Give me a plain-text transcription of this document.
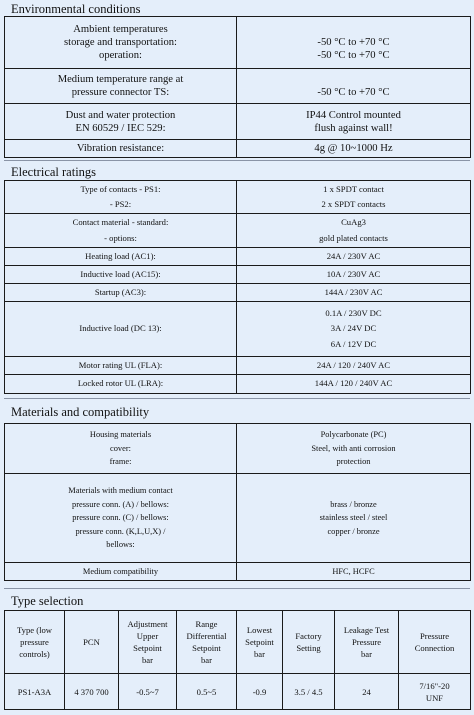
Environmental conditions
Ambient temperatures
storage and transportation:
operation:	-50 °C to +70 °C
-50 °C to +70 °C

Medium temperature range at
pressure connector TS:	-50 °C to +70 °C

Dust and water protection
EN 60529 / IEC 529:	IP44 Control mounted
flush against wall!

Vibration resistance:	4g @ 10~1000 Hz
Electrical ratings
Type of contacts - PS1:
- PS2:	1 x SPDT contact
2 x SPDT contacts

Contact material - standard:
- options:	CuAg3
gold plated contacts

Heating load (AC1):	24A / 230V AC

Inductive load (AC15):	10A / 230V AC

Startup (AC3):	144A / 230V AC

Inductive load (DC 13):	0.1A / 230V DC
3A / 24V DC
6A / 12V DC

Motor rating UL (FLA):	24A / 120 / 240V AC

Locked rotor UL (LRA):	144A / 120 / 240V AC
Materials and compatibility
Housing materials
cover:
frame:	Polycarbonate (PC)
Steel, with anti corrosion
protection

Materials with medium contact
pressure conn. (A) / bellows:
pressure conn. (C) / bellows:
pressure conn. (K,L,U,X) /
bellows:	brass / bronze
stainless steel / steel
copper / bronze

Medium compatibility	HFC, HCFC
Type selection
Type (low
pressure
controls)	PCN	Adjustment
Upper
Setpoint
bar	Range
Differential
Setpoint
bar	Lowest
Setpoint
bar	Factory
Setting	Leakage Test
Pressure
bar	Pressure
Connection

PS1-A3A	4 370 700	-0.5~7	0.5~5	-0.9	3.5 / 4.5	24	7/16"-20
UNF
